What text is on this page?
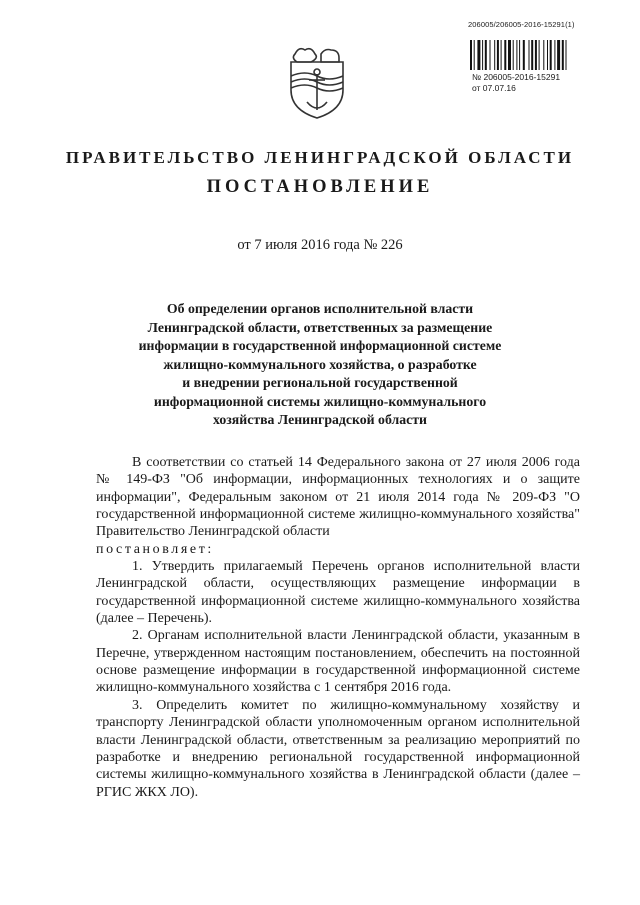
206005/206005-2016-15291(1)
№ 206005-2016-15291
от 07.07.16
ПРАВИТЕЛЬСТВО ЛЕНИНГРАДСКОЙ ОБЛАСТИ
ПОСТАНОВЛЕНИЕ
от 7 июля 2016 года № 226
Об определении органов исполнительной власти
Ленинградской области, ответственных за размещение
информации в государственной информационной системе
жилищно-коммунального хозяйства, о разработке
и внедрении региональной государственной
информационной системы жилищно-коммунального
хозяйства Ленинградской области

В соответствии со статьей 14 Федерального закона от 27 июля 2006 года № 149-ФЗ "Об информации, информационных технологиях и о защите информации", Федеральным законом от 21 июля 2014 года № 209-ФЗ "О государственной информационной системе жилищно-коммунального хозяйства" Правительство Ленинградской области

постановляет:

1. Утвердить прилагаемый Перечень органов исполнительной власти Ленинградской области, осуществляющих размещение информации в государственной информационной системе жилищно-коммунального хозяйства (далее – Перечень).

2. Органам исполнительной власти Ленинградской области, указанным в Перечне, утвержденном настоящим постановлением, обеспечить на постоянной основе размещение информации в государственной информационной системе жилищно-коммунального хозяйства с 1 сентября 2016 года.

3. Определить комитет по жилищно-коммунальному хозяйству и транспорту Ленинградской области уполномоченным органом исполнительной власти Ленинградской области, ответственным за реализацию мероприятий по разработке и внедрению региональной государственной информационной системы жилищно-коммунального хозяйства в Ленинградской области (далее – РГИС ЖКХ ЛО).
